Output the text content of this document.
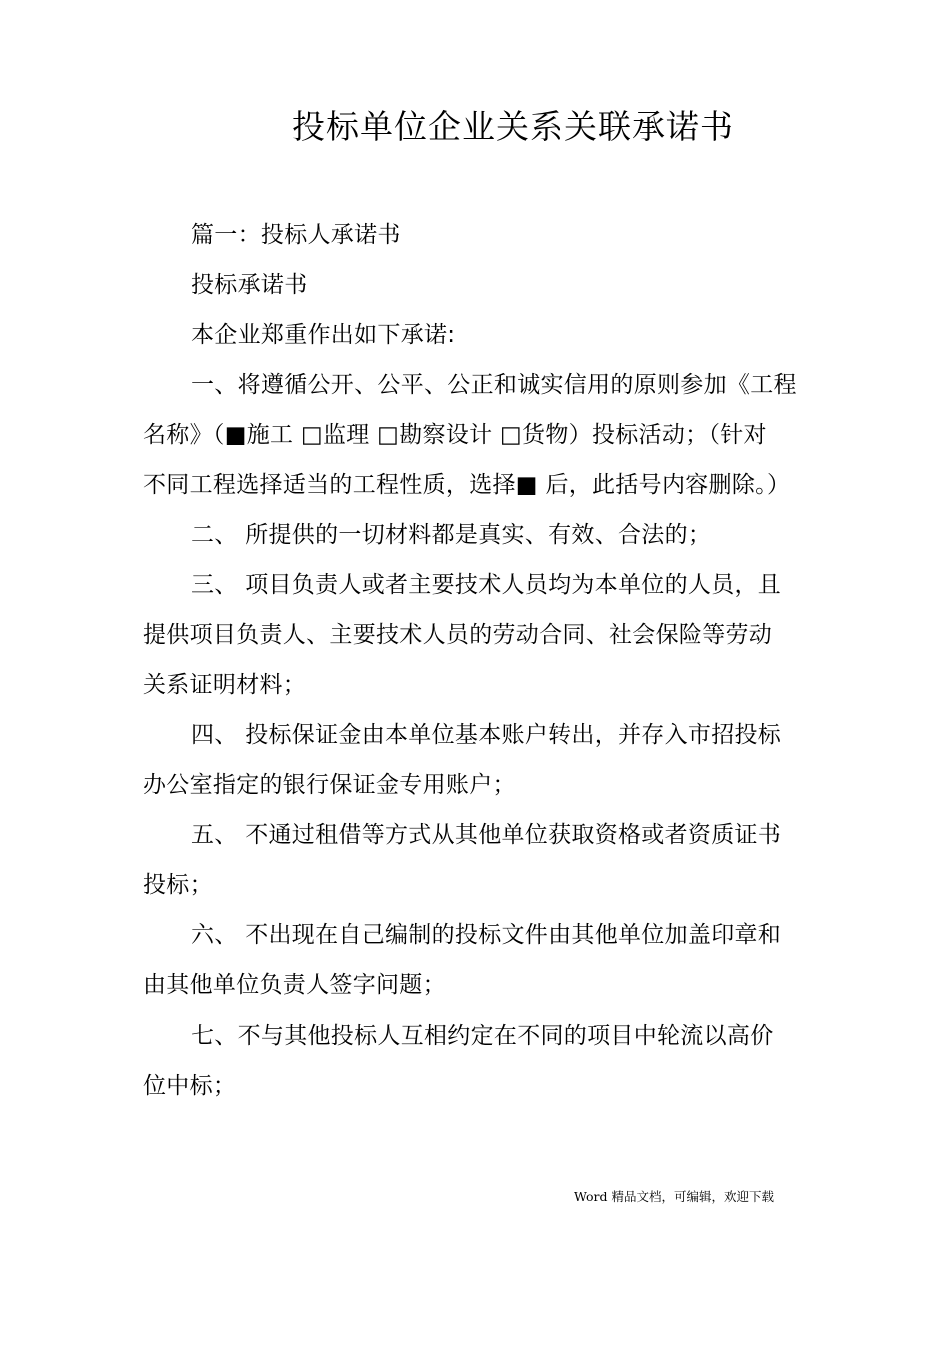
投标单位企业关系关联承诺书
篇一：投标人承诺书
投标承诺书
本企业郑重作出如下承诺:
一、将遵循公开、公平、公正和诚实信用的原则参加《工程
名称》（■施工 □监理 □勘察设计 □货物）投标活动；（针对
不同工程选择适当的工程性质，选择■ 后，此括号内容删除。）
二、 所提供的一切材料都是真实、有效、合法的；
三、 项目负责人或者主要技术人员均为本单位的人员，且
提供项目负责人、主要技术人员的劳动合同、社会保险等劳动
关系证明材料；
四、 投标保证金由本单位基本账户转出，并存入市招投标
办公室指定的银行保证金专用账户；
五、 不通过租借等方式从其他单位获取资格或者资质证书
投标；
六、 不出现在自己编制的投标文件由其他单位加盖印章和
由其他单位负责人签字问题；
七、不与其他投标人互相约定在不同的项目中轮流以高价
位中标；
Word 精品文档，可编辑，欢迎下载
